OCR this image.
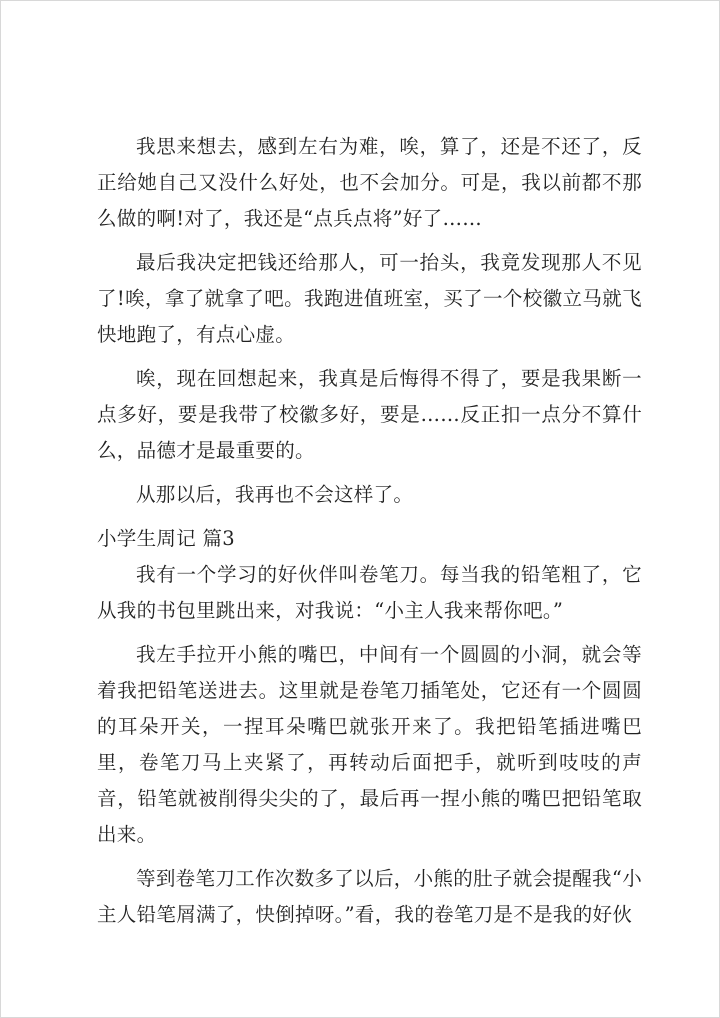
我思来想去，感到左右为难，唉，算了，还是不还了，反正给她自己又没什么好处，也不会加分。可是，我以前都不那么做的啊!对了，我还是“点兵点将”好了……

最后我决定把钱还给那人，可一抬头，我竟发现那人不见了!唉，拿了就拿了吧。我跑进值班室，买了一个校徽立马就飞快地跑了，有点心虚。

唉，现在回想起来，我真是后悔得不得了，要是我果断一点多好，要是我带了校徽多好，要是……反正扣一点分不算什么，品德才是最重要的。

从那以后，我再也不会这样了。

小学生周记 篇3

我有一个学习的好伙伴叫卷笔刀。每当我的铅笔粗了，它从我的书包里跳出来，对我说：“小主人我来帮你吧。”

我左手拉开小熊的嘴巴，中间有一个圆圆的小洞，就会等着我把铅笔送进去。这里就是卷笔刀插笔处，它还有一个圆圆的耳朵开关，一捏耳朵嘴巴就张开来了。我把铅笔插进嘴巴里，卷笔刀马上夹紧了，再转动后面把手，就听到吱吱的声音，铅笔就被削得尖尖的了，最后再一捏小熊的嘴巴把铅笔取出来。

等到卷笔刀工作次数多了以后，小熊的肚子就会提醒我“小主人铅笔屑满了，快倒掉呀。”看，我的卷笔刀是不是我的好伙
